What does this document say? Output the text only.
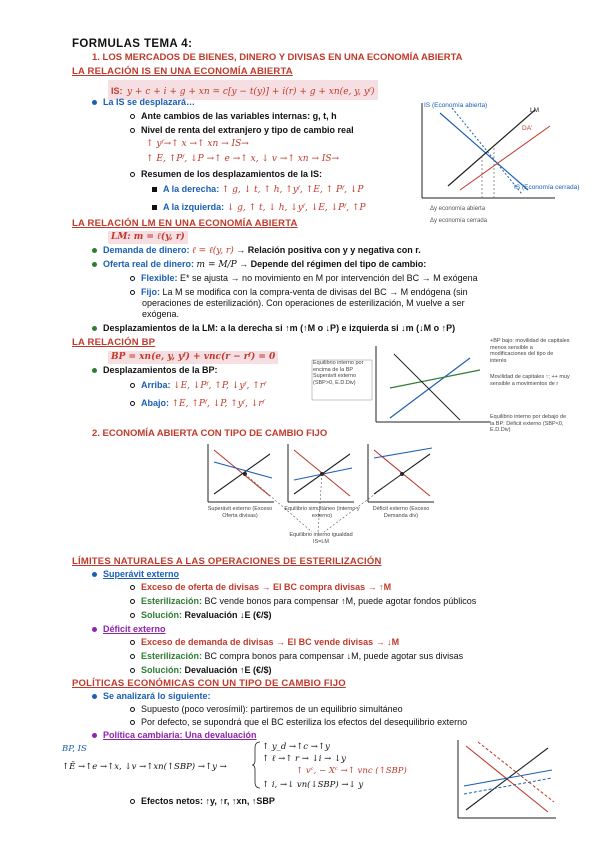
FORMULAS TEMA 4:
1. LOS MERCADOS DE BIENES, DINERO Y DIVISAS EN UNA ECONOMÍA ABIERTA
LA RELACIÓN IS EN UNA ECONOMÍA ABIERTA
IS: y + c + i + g + xn = c[y − t(y)] + i(r) + g + xn(e, y, yᶠ)
La IS se desplazará…
Ante cambios de las variables internas: g, t, h
Nivel de renta del extranjero y tipo de cambio real
↑ yᶠ→↑ x →↑ xn → IS→
↑ E, ↑Pᶠ, ↓P →↑ e →↑ x, ↓ v →↑ xn → IS→
Resumen de los desplazamientos de la IS:
A la derecha: ↑ g, ↓ t, ↑ h, ↑yᶠ, ↑E, ↑ Pᶠ, ↓P
A la izquierda: ↓ g, ↑ t, ↓ h, ↓yᶠ, ↓E, ↓Pᶠ, ↑P
IS (Economía abierta)
LM
DA'
IS (Economía cerrada)
Δy economía abierta
Δy economía cerrada
LA RELACIÓN LM EN UNA ECONOMÍA ABIERTA
LM: m = ℓ(y, r)
Demanda de dinero: ℓ = ℓ(y, r) → Relación positiva con y y negativa con r.
Oferta real de dinero: m = M/P → Depende del régimen del tipo de cambio:
Flexible: E* se ajusta → no movimiento en M por intervención del BC → M exógena
Fijo: La M se modifica con la compra-venta de divisas del BC → M endógena (sin
operaciones de esterilización). Con operaciones de esterilización, M vuelve a ser
exógena.
Desplazamientos de la LM: a la derecha si ↑m (↑M o ↓P) e izquierda si ↓m (↓M o ↑P)
LA RELACIÓN BP
BP = xn(e, y, yᶠ) + vnc(r − rᶠ) = 0
Desplazamientos de la BP:
Arriba: ↓E, ↓Pᶠ, ↑P, ↓yᶠ, ↑rᶠ
Abajo: ↑E, ↑Pᶠ, ↓P, ↑yᶠ, ↓rᶠ
Equilibrio interno por encima de la BP Superávit externo (SBP>0, E.D.Div)
+BP bajo: movilidad de capitales menos sensible a modificaciones del tipo de interés
Movilidad de capitales ↑; ++ muy sensible a movimientos de r
Equilibrio interno por debajo de la BP: Déficit externo (SBP<0, E.D.Div)
2. ECONOMÍA ABIERTA CON TIPO DE CAMBIO FIJO
Superávit externo (Exceso Oferta divisas)
Equilibrio simultáneo (interno y externo)
Déficit externo (Exceso Demanda div)
Equilibrio interno igualdad IS=LM
LÍMITES NATURALES A LAS OPERACIONES DE ESTERILIZACIÓN
Superávit externo
Exceso de oferta de divisas → El BC compra divisas → ↑M
Esterilización: BC vende bonos para compensar ↑M, puede agotar fondos públicos
Solución: Revaluación ↓E (€/$)
Déficit externo
Exceso de demanda de divisas → El BC vende divisas → ↓M
Esterilización: BC compra bonos para compensar ↓M, puede agotar sus divisas
Solución: Devaluación ↑E (€/$)
POLÍTICAS ECONÓMICAS CON UN TIPO DE CAMBIO FIJO
Se analizará lo siguiente:
Supuesto (poco verosímil): partiremos de un equilibrio simultáneo
Por defecto, se supondrá que el BC esteriliza los efectos del desequilibrio externo
Política cambiaria: Una devaluación
BP, IS
↑Ē →↑e →↑x, ↓v →↑xn(↑SBP) →↑y →
↑ y_d →↑c →↑y
↑ ℓ →↑ r → ↓i → ↓y
↑ vᶜ, − Xᶜ →↑ vnc (↑SBP)
↑ i, →↓ vn(↓SBP) →↓ y
Efectos netos: ↑y, ↑r, ↑xn, ↑SBP
